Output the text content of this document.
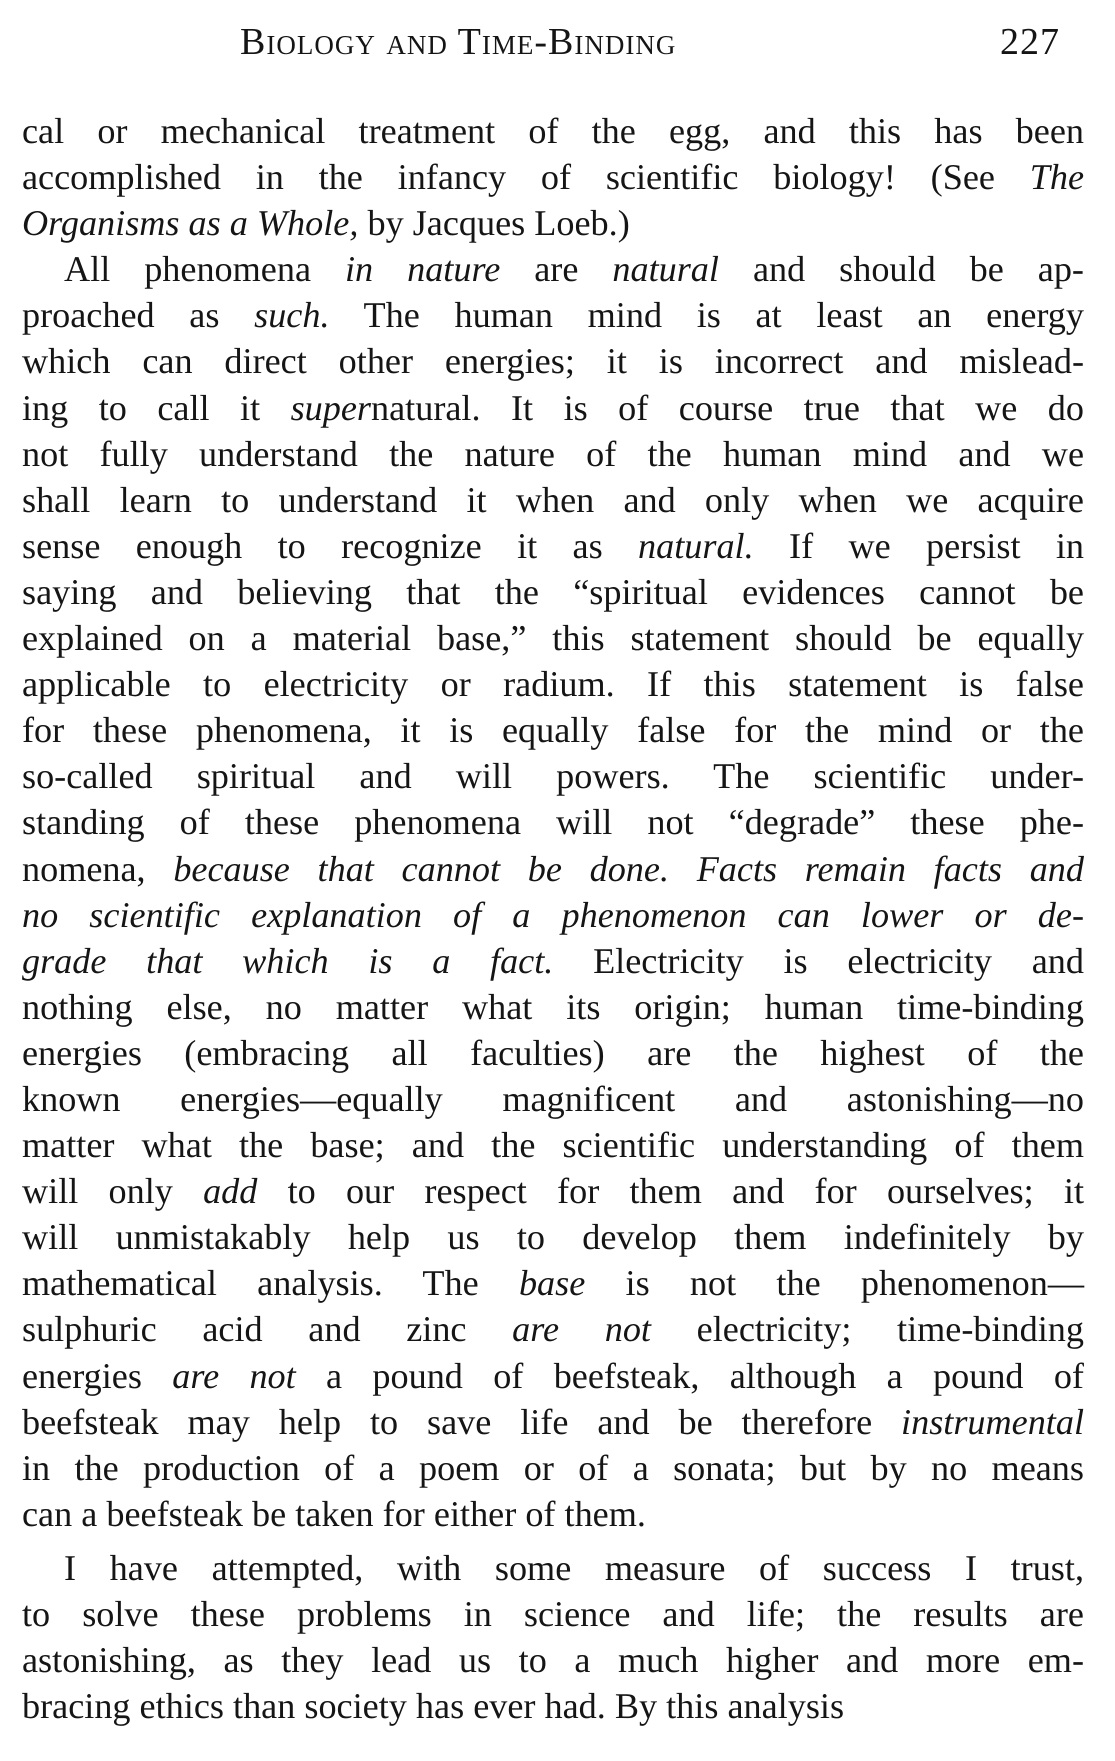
Biology and Time-Binding	227
cal or mechanical treatment of the egg, and this has been
accomplished in the infancy of scientific biology! (See The
Organisms as a Whole, by Jacques Loeb.)
All phenomena in nature are natural and should be ap-
proached as such. The human mind is at least an energy
which can direct other energies; it is incorrect and mislead-
ing to call it supernatural. It is of course true that we do
not fully understand the nature of the human mind and we
shall learn to understand it when and only when we acquire
sense enough to recognize it as natural. If we persist in
saying and believing that the “spiritual evidences cannot be
explained on a material base,” this statement should be equally
applicable to electricity or radium. If this statement is false
for these phenomena, it is equally false for the mind or the
so-called spiritual and will powers. The scientific under-
standing of these phenomena will not “degrade” these phe-
nomena, because that cannot be done. Facts remain facts and
no scientific explanation of a phenomenon can lower or de-
grade that which is a fact. Electricity is electricity and
nothing else, no matter what its origin; human time-binding
energies (embracing all faculties) are the highest of the
known energies—equally magnificent and astonishing—no
matter what the base; and the scientific understanding of them
will only add to our respect for them and for ourselves; it
will unmistakably help us to develop them indefinitely by
mathematical analysis. The base is not the phenomenon—
sulphuric acid and zinc are not electricity; time-binding
energies are not a pound of beefsteak, although a pound of
beefsteak may help to save life and be therefore instrumental
in the production of a poem or of a sonata; but by no means
can a beefsteak be taken for either of them.
I have attempted, with some measure of success I trust,
to solve these problems in science and life; the results are
astonishing, as they lead us to a much higher and more em-
bracing ethics than society has ever had. By this analysis
